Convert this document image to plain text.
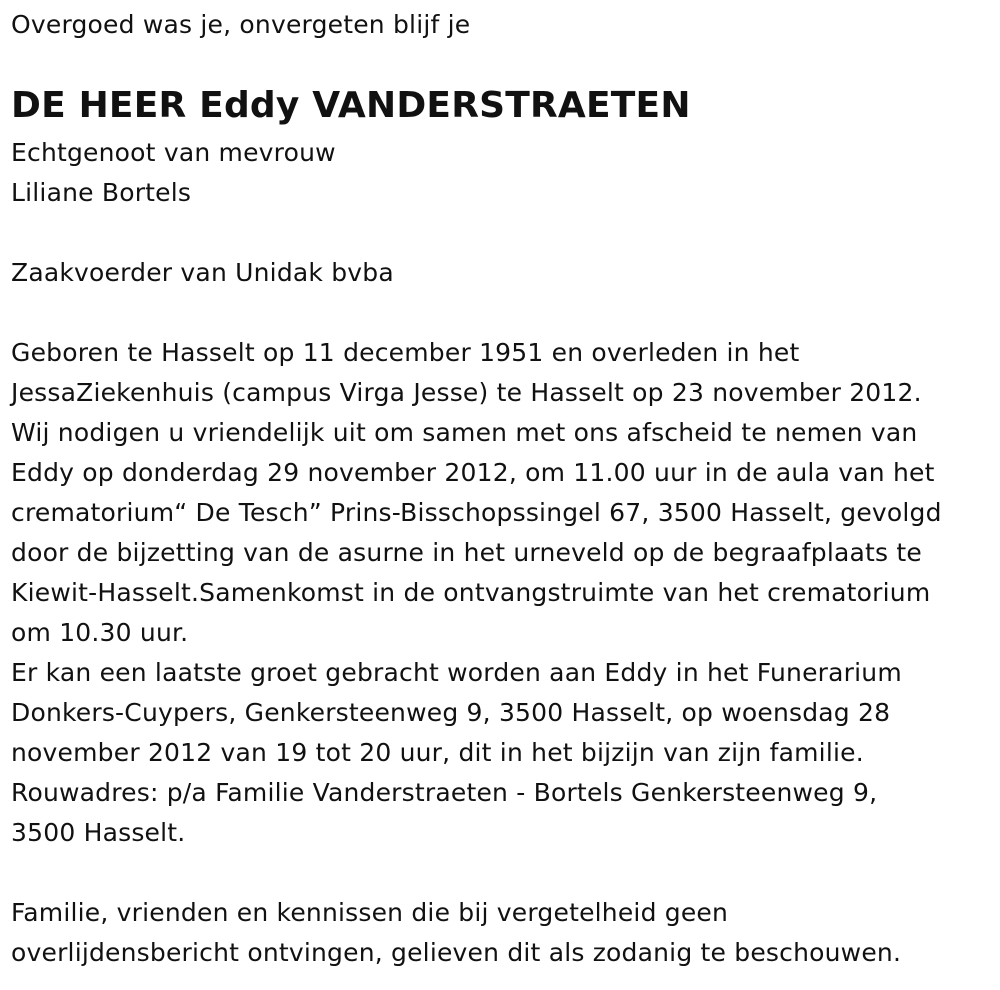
Overgoed was je, onvergeten blijf je
DE HEER Eddy VANDERSTRAETEN
Echtgenoot van mevrouw
Liliane Bortels
Zaakvoerder van Unidak bvba
Geboren te Hasselt op 11 december 1951 en overleden in het
JessaZiekenhuis (campus Virga Jesse) te Hasselt op 23 november 2012.
Wij nodigen u vriendelijk uit om samen met ons afscheid te nemen van
Eddy op donderdag 29 november 2012, om 11.00 uur in de aula van het
crematorium“ De Tesch” Prins-Bisschopssingel 67, 3500 Hasselt, gevolgd
door de bijzetting van de asurne in het urneveld op de begraafplaats te
Kiewit-Hasselt.Samenkomst in de ontvangstruimte van het crematorium
om 10.30 uur.
Er kan een laatste groet gebracht worden aan Eddy in het Funerarium
Donkers-Cuypers, Genkersteenweg 9, 3500 Hasselt, op woensdag 28
november 2012 van 19 tot 20 uur, dit in het bijzijn van zijn familie.
Rouwadres: p/a Familie Vanderstraeten - Bortels Genkersteenweg 9,
3500 Hasselt.
Familie, vrienden en kennissen die bij vergetelheid geen
overlijdensbericht ontvingen, gelieven dit als zodanig te beschouwen.
